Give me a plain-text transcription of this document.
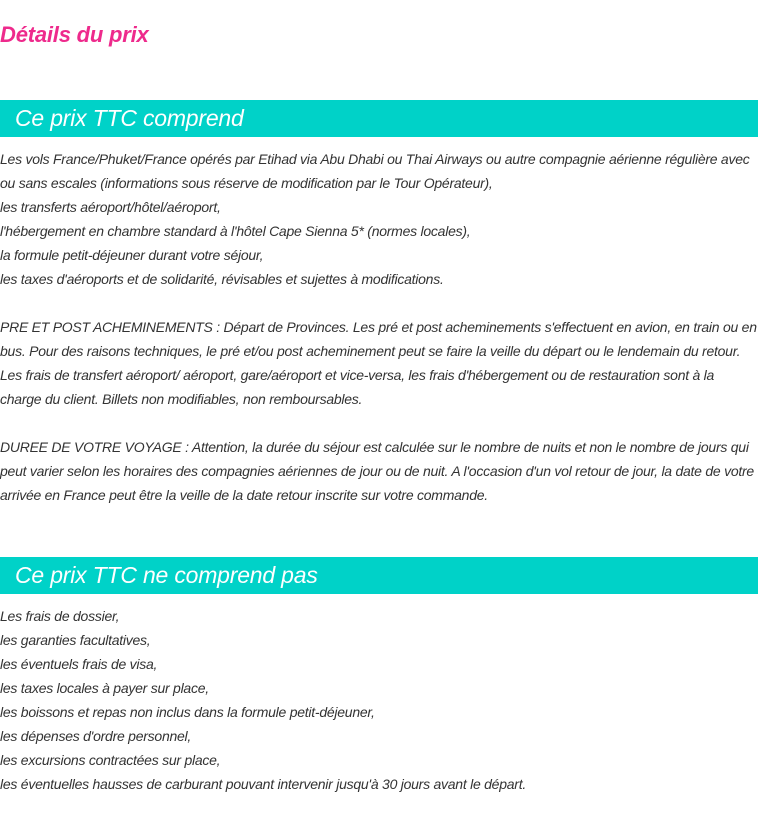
Détails du prix
Ce prix TTC comprend

Les vols France/Phuket/France opérés par Etihad via Abu Dhabi ou Thai Airways ou autre compagnie aérienne régulière avec ou sans escales (informations sous réserve de modification par le Tour Opérateur),

les transferts aéroport/hôtel/aéroport,

l'hébergement en chambre standard à l'hôtel Cape Sienna 5* (normes locales),

la formule petit-déjeuner durant votre séjour,

les taxes d'aéroports et de solidarité, révisables et sujettes à modifications.

PRE ET POST ACHEMINEMENTS : Départ de Provinces. Les pré et post acheminements s'effectuent en avion, en train ou en bus. Pour des raisons techniques, le pré et/ou post acheminement peut se faire la veille du départ ou le lendemain du retour. Les frais de transfert aéroport/ aéroport, gare/aéroport et vice-versa, les frais d'hébergement ou de restauration sont à la charge du client. Billets non modifiables, non remboursables.

DUREE DE VOTRE VOYAGE : Attention, la durée du séjour est calculée sur le nombre de nuits et non le nombre de jours qui peut varier selon les horaires des compagnies aériennes de jour ou de nuit. A l'occasion d'un vol retour de jour, la date de votre arrivée en France peut être la veille de la date retour inscrite sur votre commande.

Ce prix TTC ne comprend pas

Les frais de dossier,

les garanties facultatives,

les éventuels frais de visa,

les taxes locales à payer sur place,

les boissons et repas non inclus dans la formule petit-déjeuner,

les dépenses d'ordre personnel,

les excursions contractées sur place,

les éventuelles hausses de carburant pouvant intervenir jusqu'à 30 jours avant le départ.
